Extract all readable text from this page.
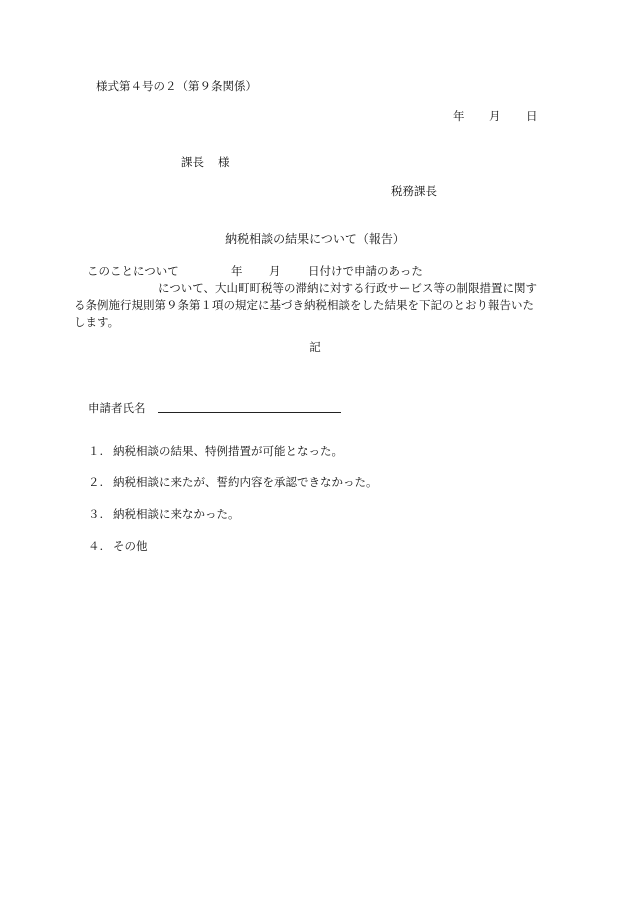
様式第４号の２（第９条関係）
年 月 日
課長 様
税務課長
納税相談の結果について（報告）
このことについて	年 月 日付けで申請のあった
について、大山町町税等の滞納に対する行政サービス等の制限措置に関す
る条例施行規則第９条第１項の規定に基づき納税相談をした結果を下記のとおり報告いた
します。
記
申請者氏名
１. 納税相談の結果、特例措置が可能となった。
２. 納税相談に来たが、誓約内容を承認できなかった。
３. 納税相談に来なかった。
４. その他
